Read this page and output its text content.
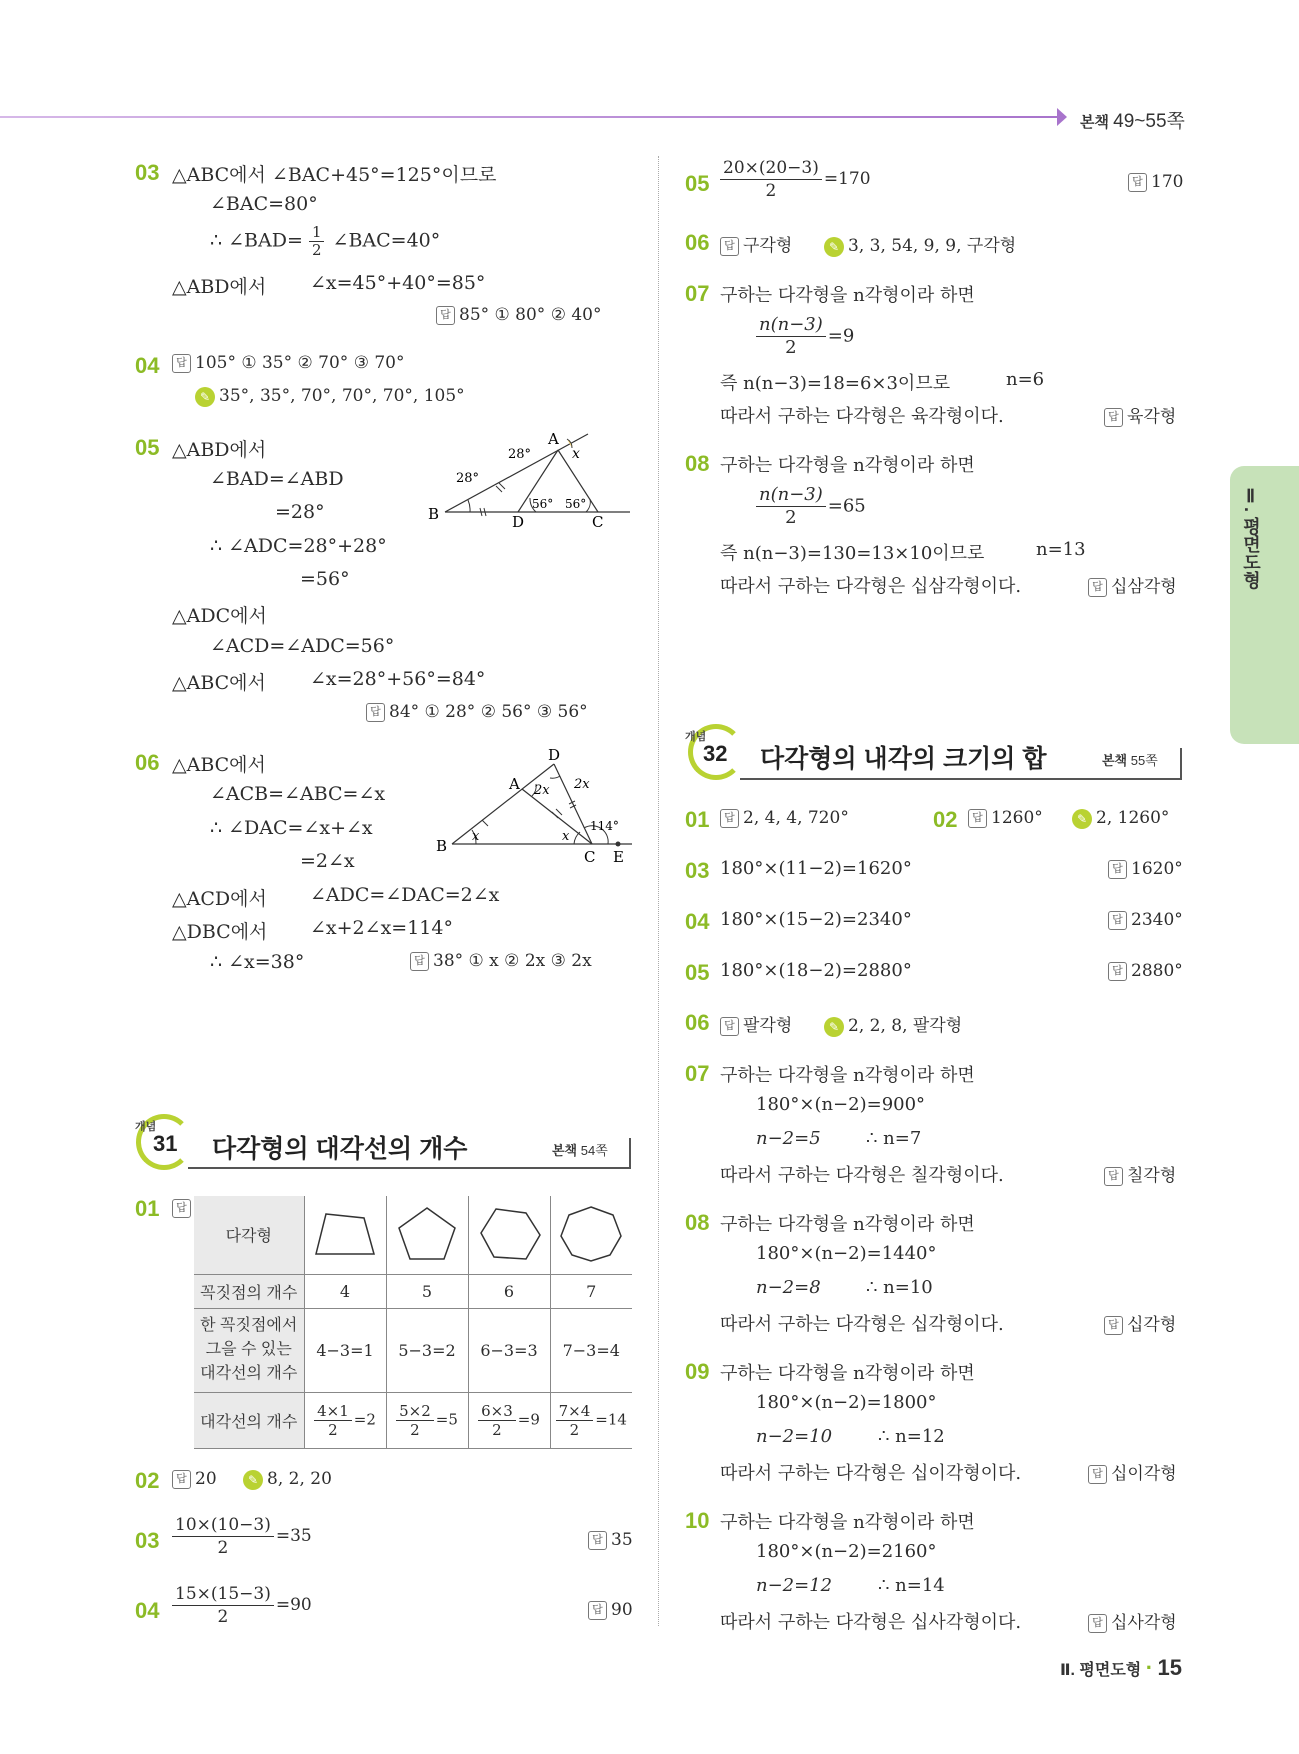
본책 49~55쪽
Ⅱ. 평면도형
03 △ABC에서 ∠BAC+45°=125°이므로
∠BAC=80°
∴ ∠BAD= $\frac{1}{2}$ ∠BAC=40°
△ABD에서 ∠x=45°+40°=85°
답 85° ① 80° ② 40°
04	답 105° ① 35° ② 70° ③ 70°
✎ 35°, 35°, 70°, 70°, 70°, 105°
05 △ABD에서
∠BAD=∠ABD
=28°
∴ ∠ADC=28°+28°
=56°
△ADC에서
∠ACD=∠ADC=56°
△ABC에서 ∠x=28°+56°=84°
답 84° ① 28° ② 56° ③ 56°
A
B	C
D
28°
28°
56° 56°
x
06 △ABC에서
∠ACB=∠ABC=∠x
∴ ∠DAC=∠x+∠x
=2∠x
△ACD에서 ∠ADC=∠DAC=2∠x
△DBC에서 ∠x+2∠x=114°
∴ ∠x=38°	답 38° ① x ② 2x ③ 2x
A
B
C
D
E
x	x
2x 2x
114°
개념
31 다각형의 대각선의 개수	본책 54쪽
01	답
다각형				
꼭짓점의 개수	4	5	6	7

한 꼭짓점에서
그을 수 있는
대각선의 개수	4−3=1	5−3=2	6−3=3	7−3=4
대각선의 개수	$\frac{4\times 1}{2} =2$	$\frac{5\times 2}{2} =5$	$\frac{6\times 3}{2} =9$	$\frac{7\times 4}{2} =14$
02	답 20	✎ 8, 2, 20
$03 \frac{10\times(10-3)}{2} =35$	답 35
$04 \frac{15\times(15-3)}{2} =90$	답 90
$05 \frac{20\times(20-3)}{2} =170$	답 170
06	답 구각형	✎ 3, 3, 54, 9, 9, 구각형
07 구하는 다각형을 n각형이라 하면
$\frac{n(n-3)}{2} =9$
즉 n(n−3)=18=6×3이므로	n=6
따라서 구하는 다각형은 육각형이다.	답 육각형
08 구하는 다각형을 n각형이라 하면
$\frac{n(n-3)}{2} =65$
즉 n(n−3)=130=13×10이므로	n=13
따라서 구하는 다각형은 십삼각형이다.	답 십삼각형
개념
32 다각형의 내각의 크기의 합	본책 55쪽
01	답 2, 4, 4, 720°	02	답 1260°	✎ 2, 1260°
03 180°×(11−2)=1620°	답 1620°
04 180°×(15−2)=2340°	답 2340°
05 180°×(18−2)=2880°	답 2880°
06	답 팔각형	✎ 2, 2, 8, 팔각형
07 구하는 다각형을 n각형이라 하면
180°×(n−2)=900°
n−2=5	∴ n=7
따라서 구하는 다각형은 칠각형이다.	답 칠각형
08 구하는 다각형을 n각형이라 하면
180°×(n−2)=1440°
n−2=8	∴ n=10
따라서 구하는 다각형은 십각형이다.	답 십각형
09 구하는 다각형을 n각형이라 하면
180°×(n−2)=1800°
n−2=10	∴ n=12
따라서 구하는 다각형은 십이각형이다.	답 십이각형
10 구하는 다각형을 n각형이라 하면
180°×(n−2)=2160°
n−2=12	∴ n=14
따라서 구하는 다각형은 십사각형이다.	답 십사각형
Ⅱ. 평면도형 · 15
